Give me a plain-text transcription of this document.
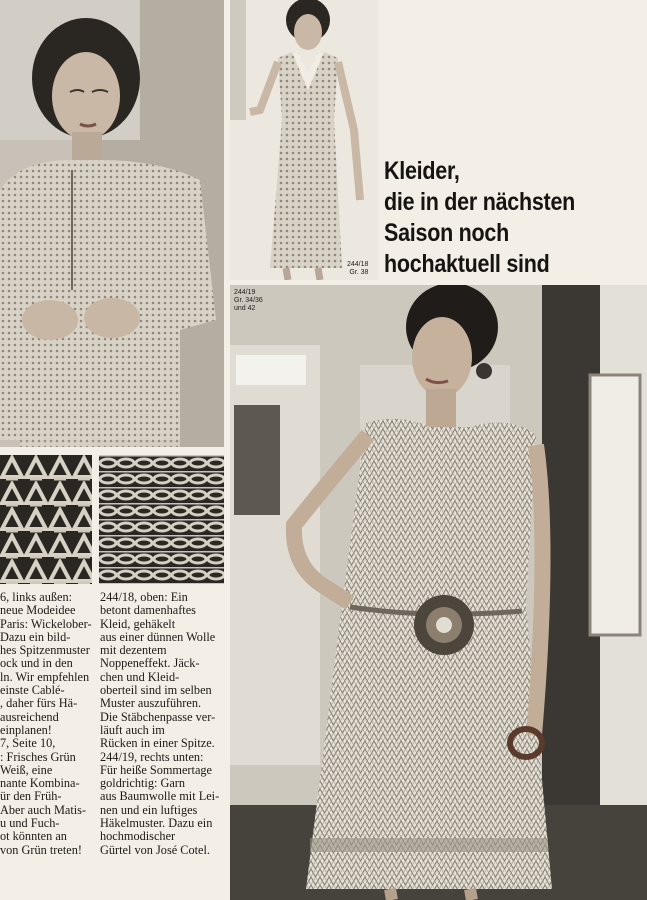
Kleider,
die in der nächsten
Saison noch
hochaktuell sind
244/18
Gr. 38
244/19
Gr. 34/36
und 42
6, links außen:
neue Modeidee
Paris: Wickelober-
Dazu ein bild-
hes Spitzenmuster
ock und in den
ln. Wir empfehlen
einste Cablé-
, daher fürs Hä-
ausreichend
einplanen!
7, Seite 10,
: Frisches Grün
Weiß, eine
nante Kombina-
ür den Früh-
Aber auch Matis-
u und Fuch-
ot könnten an
von Grün treten!
244/18, oben: Ein
betont damenhaftes
Kleid, gehäkelt
aus einer dünnen Wolle
mit dezentem
Noppeneffekt. Jäck-
chen und Kleid-
oberteil sind im selben
Muster auszuführen.
Die Stäbchenpasse ver-
läuft auch im
Rücken in einer Spitze.
244/19, rechts unten:
Für heiße Sommertage
goldrichtig: Garn
aus Baumwolle mit Lei-
nen und ein luftiges
Häkelmuster. Dazu ein
hochmodischer
Gürtel von José Cotel.
